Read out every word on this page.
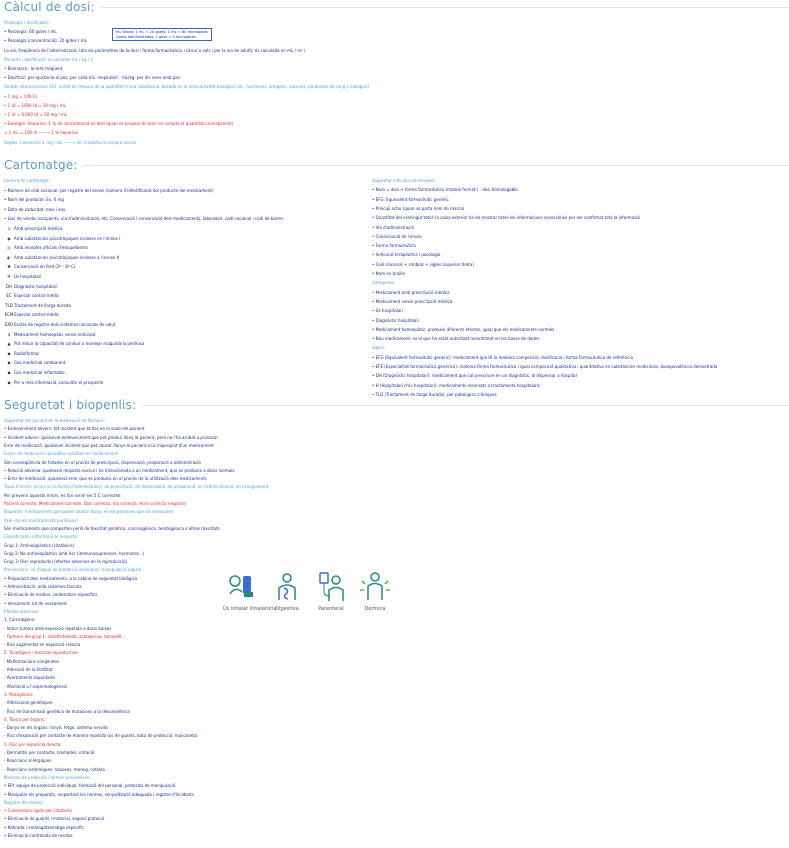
Càlcul de dosi:
Posologia i dosificació:
• Posologia: 60 gotes / mL
• Posologia (concentració): 20 gotes / mL
La via, freqüència de l'administració, tots els paràmetres de la dosi i forma farmacèutica: (càlcul o vols i per la via de adult); és calculada en mL / m² i.
Pacients i dosificació: es calculen mL / kg / h
• Biomassa · la més freqüent
• Dosificar: per ajustar-la al pes, per cada mL: respiratori · mL/kg: per als nens amb pes
Unitats internacionals (UI): unitat de mesura de la quantitat d'una substància, basada en la seva activitat biològica (vit., hormones, antígens, vacunes, productes de sang o biològics)
• 1 mg = 100 UI
• 1 UI = 1000 UI = 30 mg / mL
• 1 UI = 6.000 UI = 20 mg / mL
• Exemple: Heparina: 1 % de concentració en dosi (quan es prepara és tenir en compte la quantitat corresponent)
↳ 1 mL = 100 UI ——→ 1 % heparina
Regles: Conversió: 1 mg / mL ——→ ml. Freqüència sempre assolir
mL sàlvia: 1 mL = 20 gotes; 1 mL = 60 microgotes
Gotes administrades: 1 gota = 3 microgotes
Cartonatge:
Lectura de cartonatge:
• Número de codi nacional: per registre del servei (número d'identificació del producte del medicament)
• Nom del producte: Ex. X mg
• Data de caducitat: mes i any
• Lloc de venda: excipients, via d'administració, etc. Conservació i conservació dels medicaments, laboratori, codi nacional i codi de barres
⊙ Amb prescripció mèdica
◉ Amb substàncies psicotròpiques incloses en l'annex I
◎ Amb receptes oficials d'estupefaents
◐ Amb substàncies psicotròpiques incloses a l'annex II
✱ Conservació en fred (2º - 8º C)
H Ús hospitalari
DH Diagnòstic hospitalari
EC Especial control mèdic
TLDTractament de llarga durada
ECMEspecial control mèdic
EXOExclòs de registre dels sistemes nacionals de salut
♀ Medicament homeopàtic sense indicació
▲ Pot reduir la capacitat de conduir o manejar maquinària perillosa
◆ Radiofàrmac
◆ Gas medicinal comburent
◆ Gas medicinal inflamable
◆ Per a més informació, consultar el prospecte
Seguretat indicada als envasos:
• Nom = dosi + forma farmacèutica (mateix format ) · dosi homologable
• EFG: Equivalent farmacèutic genèric
• Principi actiu (quan no porta nom de marca)
• Quantitat del contingut total: la caixa exterior ha de mostrar totes les informacions necessàries per ser confirmat tota la informació
• Via d'administració
• Conservació de l'envàs
• Forma farmacèutica
• Indicació terapèutica i posologia
• Codi nacional + símbols + sigles (superior dreta)
• Nom en braille
Categories:
• Medicament amb prescripció mèdica
• Medicament sense prescripció mèdica
• Ús hospitalari
• Diagnòstic hospitalari
• Medicament homeopàtic: produeix diferents efectes, igual que els medicaments normals
• Nou medicament: es el que ha estat autoritzat recentment en les bases de dades
Sigles:
• EFG (Equivalent farmacèutic genèric): medicament que té la mateixa composició, dosificació i forma farmacèutica de referència
• EFE (Especialitat farmacèutica genèrica): mateixa forma farmacèutica i igual composició qualitativa i quantitativa en substàncies medicinals, bioequivalència demostrada
• DH (Diagnòstic hospitalari): medicament que cal prescriure en un diagnòstic, al dispensar a hospital
• H (Hospitalari d'ús hospitalari): medicaments reservats a tractaments hospitalaris
• TLD (Tractament de llarga durada): per patologies cròniques
Seguretat i biopenlis:
Seguretat del pacient en la medicació de fàrmacs:
• Esdeveniment advers: tot incident que té lloc en la salut del pacient
• Incident advers: qualsevol esdeveniment que pot produir dany al pacient, però no l'ha arribat a provocar
Error de medicació: qualsevol incident que pot causar danys al pacient o ús inapropiat d'un medicament
Errors de medicació i possibles resultats en medicament:
Són conseqüència de fallades en el procés de prescripció, dispensació, preparació o administració
• Reacció adversa: qualsevol resposta nociva i no intencionada a un medicament, que es produeix a dosis normals
• Error de medicació: qualsevol error que es produeix en el procés de la utilització dels medicaments
Tipus d'errors: errors en la forma d'administració, de prescripció, de dispensació, de preparació, en l'administració, en el seguiment
Per prevenir aquests errors, es fan servir les 5 C correctes:
Pacient correcte, Medicament correcte, Dosi correcta, Via correcta, Hora correcta (registre)
Biopenlis: medicaments que poden causar danys en les persones que els manipulen
Què són els medicaments perillosos?
Són medicaments que comporten perill de toxicitat genètica, carcinogènica, teratogènica o altres toxicitats
Classificació i informació al respecte:
Grup 1: Antineoplàstics (citotòxics)
Grup 2: No antineoplàstics amb risc (immunosupressors, hormones...)
Grup 3: Risc reproductiu (efectes adversos en la reproducció)
Precaucions: ús d'equip de protecció individual i manipulació segura
• Preparació dels medicaments: a la cabina de seguretat biològica
• Administració: amb sistemes tancats
• Eliminació de residus: contenidors específics
• Vessament: kit de vessament
Efectes adversos:
1. Carcinògens:
- Induir tumors amb exposició repetida a dosis baixes
- Fàrmacs del grup 1: ciclofosfamida, azatioprina, tamoxifè...
- Risc augmentat en exposició crònica
2. Teratògens i toxicitat reproductiva:
- Malformacions congènites
- Alteració de la fertilitat
- Avortaments espontanis
- Afectació a l'espermatogènesi
3. Mutagènics:
- Alteracions genètiques
- Risc de transmissió genètica de mutacions a la descendència
4. Tòxics per òrgans:
- Danys en els òrgans: ronyó, fetge, sistema nerviós
- Risc d'exposició per contacte de manera repetida (ús de guants, bata de protecció, mascareta)
5. Risc per exposició directa:
- Dermatitis per contacte, cremades, irritació
- Reaccions al·lèrgiques
- Reaccions sistèmiques: nàusees, mareig, cefalea
Mesures de protecció i formes preventives:
• EPI: equips de protecció individual, formació del personal, protocols de manipulació
• Manipular els preparats, respectant les normes, senyalització adequada i registre d'incidents
Registre de residus:
• Contenidors rígids per citotòxics
• Eliminació de guants i material, segons protocol
• Retirada i emmagatzematge específic
• Eliminació controlada de residus
Ús inhalat Inhalatòria
Digestiva	Parenteral	Dèrmica
